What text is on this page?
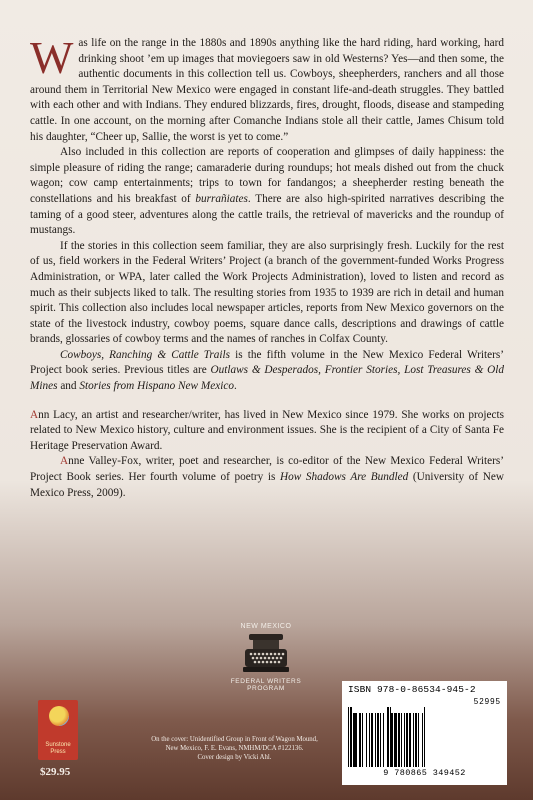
Was life on the range in the 1880s and 1890s anything like the hard riding, hard working, hard drinking shoot ’em up images that moviegoers saw in old Westerns? Yes—and then some, the authentic documents in this collection tell us. Cowboys, sheepherders, ranchers and all those around them in Territorial New Mexico were engaged in constant life-and-death struggles. They battled with each other and with Indians. They endured blizzards, fires, drought, floods, disease and stampeding cattle. In one account, on the morning after Comanche Indians stole all their cattle, James Chisum told his daughter, “Cheer up, Sallie, the worst is yet to come.”

Also included in this collection are reports of cooperation and glimpses of daily happiness: the simple pleasure of riding the range; camaraderie during roundups; hot meals dished out from the chuck wagon; cow camp entertainments; trips to town for fandangos; a sheepherder resting beneath the constellations and his breakfast of burrañiates. There are also high-spirited narratives describing the taming of a good steer, adventures along the cattle trails, the retrieval of mavericks and the roundup of mustangs.

If the stories in this collection seem familiar, they are also surprisingly fresh. Luckily for the rest of us, field workers in the Federal Writers’ Project (a branch of the government-funded Works Progress Administration, or WPA, later called the Work Projects Administration), loved to listen and record as much as their subjects liked to talk. The resulting stories from 1935 to 1939 are rich in detail and human spirit. This collection also includes local newspaper articles, reports from New Mexico governors on the state of the livestock industry, cowboy poems, square dance calls, descriptions and drawings of cattle brands, glossaries of cowboy terms and the names of ranches in Colfax County.

Cowboys, Ranching & Cattle Trails is the fifth volume in the New Mexico Federal Writers’ Project book series. Previous titles are Outlaws & Desperados, Frontier Stories, Lost Treasures & Old Mines and Stories from Hispano New Mexico.

Ann Lacy, an artist and researcher/writer, has lived in New Mexico since 1979. She works on projects related to New Mexico history, culture and environment issues. She is the recipient of a City of Santa Fe Heritage Preservation Award.

Anne Valley-Fox, writer, poet and researcher, is co-editor of the New Mexico Federal Writers’ Project Book series. Her fourth volume of poetry is How Shadows Are Bundled (University of New Mexico Press, 2009).

NEW MEXICO
FEDERAL WRITERS PROGRAM
Sunstone
Press
$29.95
On the cover: Unidentified Group in Front of Wagon Mound,
New Mexico, F. E. Evans, NMHM/DCA #122136.
Cover design by Vicki Ahl.
ISBN 978-0-86534-945-2
52995
9 780865 349452
